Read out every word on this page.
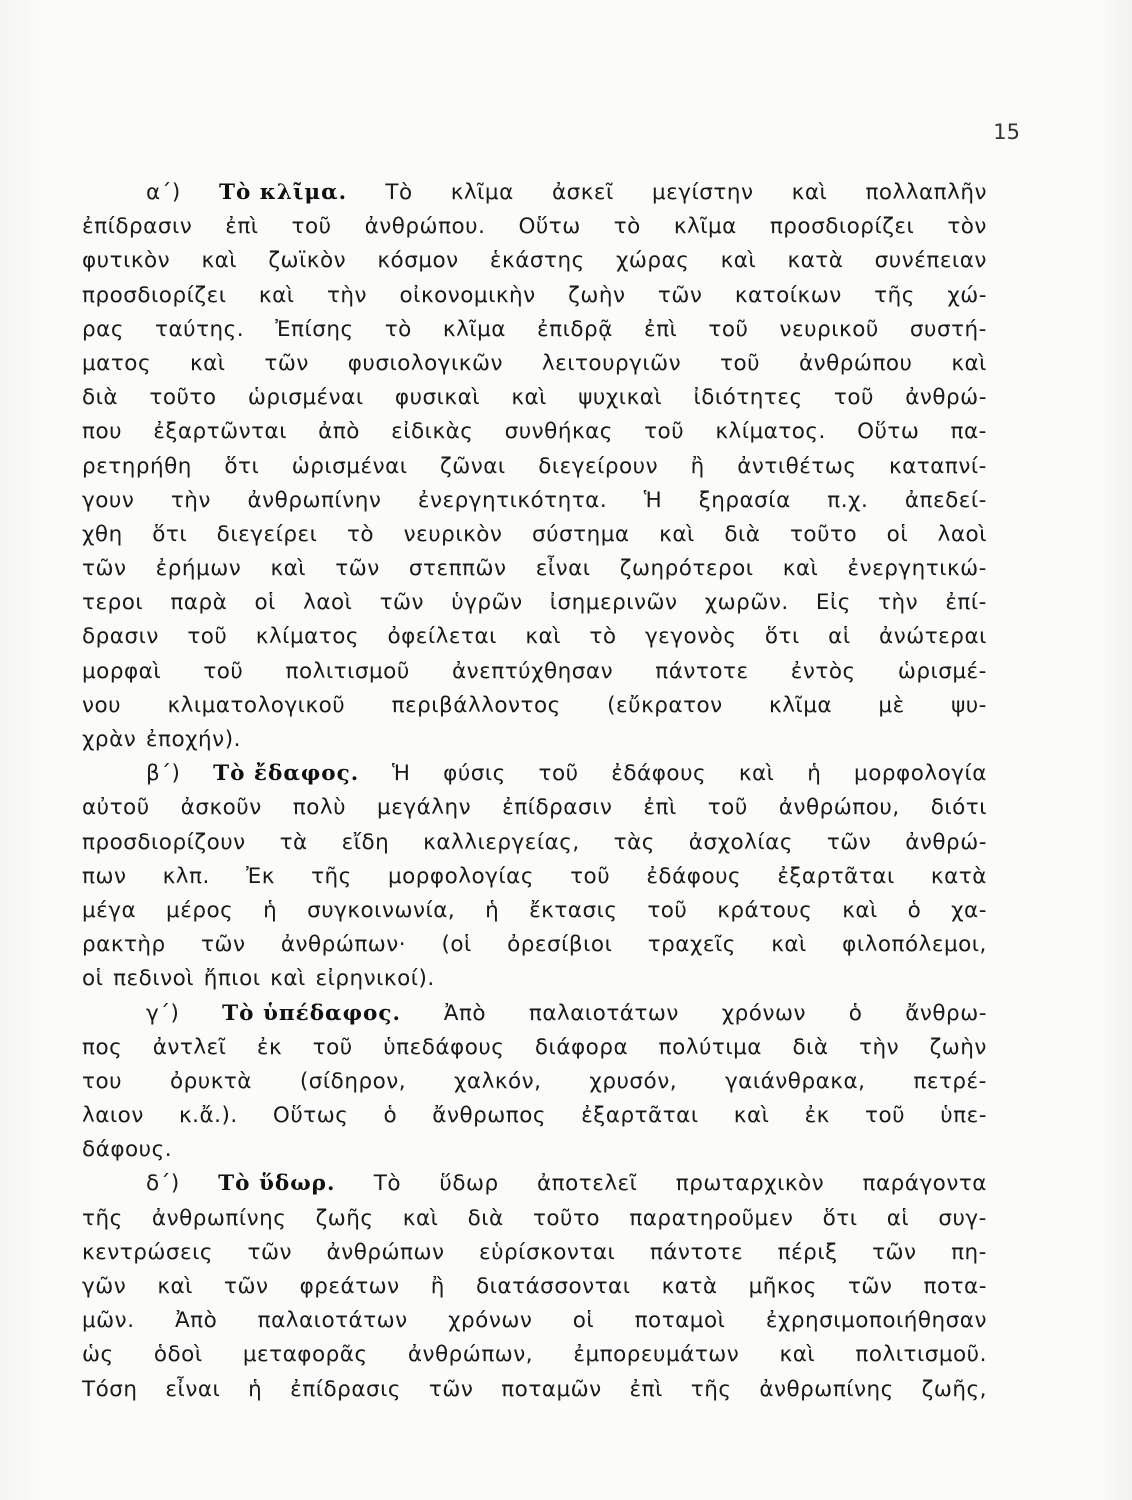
15
α΄) Τὸ κλῖμα. Τὸ κλῖμα ἀσκεῖ μεγίστην καὶ πολλαπλῆν
ἐπίδρασιν ἐπὶ τοῦ ἀνθρώπου. Οὕτω τὸ κλῖμα προσδιορίζει τὸν
φυτικὸν καὶ ζωϊκὸν κόσμον ἑκάστης χώρας καὶ κατὰ συνέπειαν
προσδιορίζει καὶ τὴν οἰκονομικὴν ζωὴν τῶν κατοίκων τῆς χώ-
ρας ταύτης. Ἐπίσης τὸ κλῖμα ἐπιδρᾷ ἐπὶ τοῦ νευρικοῦ συστή-
ματος καὶ τῶν φυσιολογικῶν λειτουργιῶν τοῦ ἀνθρώπου καὶ
διὰ τοῦτο ὡρισμέναι φυσικαὶ καὶ ψυχικαὶ ἰδιότητες τοῦ ἀνθρώ-
που ἐξαρτῶνται ἀπὸ εἰδικὰς συνθήκας τοῦ κλίματος. Οὕτω πα-
ρετηρήθη ὅτι ὡρισμέναι ζῶναι διεγείρουν ἢ ἀντιθέτως καταπνί-
γουν τὴν ἀνθρωπίνην ἐνεργητικότητα. Ἡ ξηρασία π.χ. ἀπεδεί-
χθη ὅτι διεγείρει τὸ νευρικὸν σύστημα καὶ διὰ τοῦτο οἱ λαοὶ
τῶν ἐρήμων καὶ τῶν στεππῶν εἶναι ζωηρότεροι καὶ ἐνεργητικώ-
τεροι παρὰ οἱ λαοὶ τῶν ὑγρῶν ἰσημερινῶν χωρῶν. Εἰς τὴν ἐπί-
δρασιν τοῦ κλίματος ὀφείλεται καὶ τὸ γεγονὸς ὅτι αἱ ἀνώτεραι
μορφαὶ τοῦ πολιτισμοῦ ἀνεπτύχθησαν πάντοτε ἐντὸς ὡρισμέ-
νου κλιματολογικοῦ περιβάλλοντος (εὔκρατον κλῖμα μὲ ψυ-
χρὰν ἐποχήν).
β΄) Τὸ ἔδαφος. Ἡ φύσις τοῦ ἐδάφους καὶ ἡ μορφολογία
αὐτοῦ ἀσκοῦν πολὺ μεγάλην ἐπίδρασιν ἐπὶ τοῦ ἀνθρώπου, διότι
προσδιορίζουν τὰ εἴδη καλλιεργείας, τὰς ἀσχολίας τῶν ἀνθρώ-
πων κλπ. Ἐκ τῆς μορφολογίας τοῦ ἐδάφους ἐξαρτᾶται κατὰ
μέγα μέρος ἡ συγκοινωνία, ἡ ἔκτασις τοῦ κράτους καὶ ὁ χα-
ρακτὴρ τῶν ἀνθρώπων· (οἱ ὀρεσίβιοι τραχεῖς καὶ φιλοπόλεμοι,
οἱ πεδινοὶ ἤπιοι καὶ εἰρηνικοί).
γ΄) Τὸ ὑπέδαφος. Ἀπὸ παλαιοτάτων χρόνων ὁ ἄνθρω-
πος ἀντλεῖ ἐκ τοῦ ὑπεδάφους διάφορα πολύτιμα διὰ τὴν ζωὴν
του ὀρυκτὰ (σίδηρον, χαλκόν, χρυσόν, γαιάνθρακα, πετρέ-
λαιον κ.ἄ.). Οὕτως ὁ ἄνθρωπος ἐξαρτᾶται καὶ ἐκ τοῦ ὑπε-
δάφους.
δ΄) Τὸ ὕδωρ. Τὸ ὕδωρ ἀποτελεῖ πρωταρχικὸν παράγοντα
τῆς ἀνθρωπίνης ζωῆς καὶ διὰ τοῦτο παρατηροῦμεν ὅτι αἱ συγ-
κεντρώσεις τῶν ἀνθρώπων εὑρίσκονται πάντοτε πέριξ τῶν πη-
γῶν καὶ τῶν φρεάτων ἢ διατάσσονται κατὰ μῆκος τῶν ποτα-
μῶν. Ἀπὸ παλαιοτάτων χρόνων οἱ ποταμοὶ ἐχρησιμοποιήθησαν
ὡς ὁδοὶ μεταφορᾶς ἀνθρώπων, ἐμπορευμάτων καὶ πολιτισμοῦ.
Τόση εἶναι ἡ ἐπίδρασις τῶν ποταμῶν ἐπὶ τῆς ἀνθρωπίνης ζωῆς,
